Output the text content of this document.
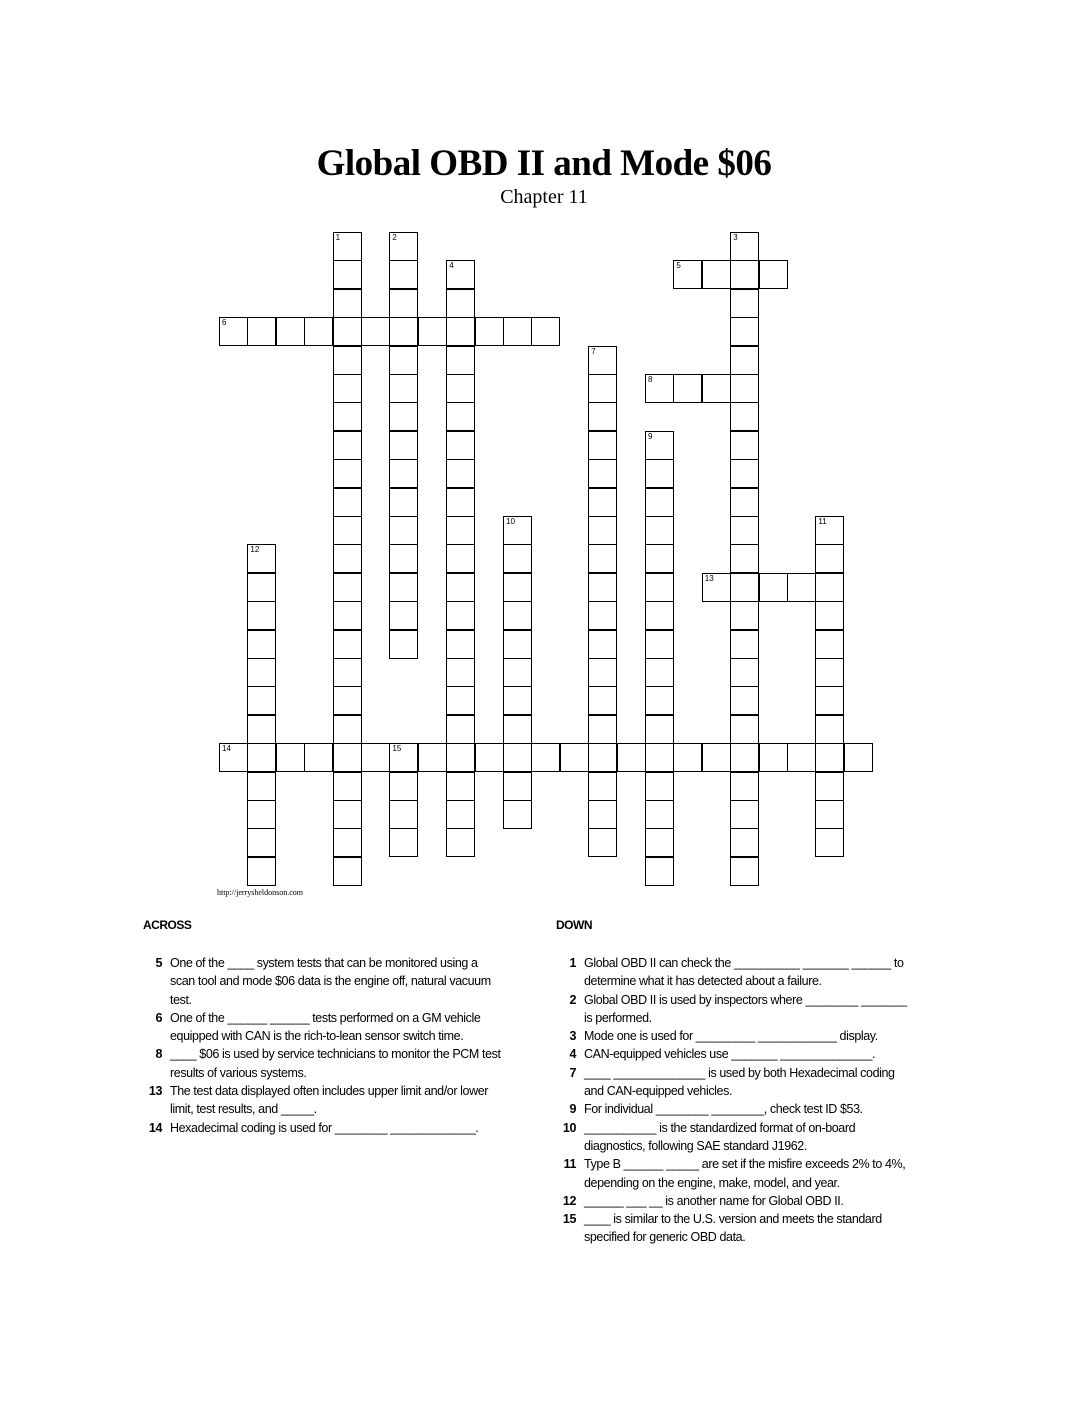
Global OBD II and Mode $06
Chapter 11
1	2	3
4	5
6
7
8
9
10	11
12
13
14	15
http://jerrysheldonson.com
ACROSS	DOWN
5 One of the ____ system tests that can be monitored using a scan tool and mode $06 data is the engine off, natural vacuum test.
6 One of the ______ ______ tests performed on a GM vehicle equipped with CAN is the rich-to-lean sensor switch time.
8 ____ $06 is used by service technicians to monitor the PCM test results of various systems.
13 The test data displayed often includes upper limit and/or lower limit, test results, and _____.
14 Hexadecimal coding is used for ________ _____________.
1 Global OBD II can check the __________ _______ ______ to determine what it has detected about a failure.
2 Global OBD II is used by inspectors where ________ _______ is performed.
3 Mode one is used for _________ ____________ display.
4 CAN-equipped vehicles use _______ ______________.
7 ____ ______________ is used by both Hexadecimal coding and CAN-equipped vehicles.
9 For individual ________ ________, check test ID $53.
10 ___________ is the standardized format of on-board diagnostics, following SAE standard J1962.
11 Type B ______ _____ are set if the misfire exceeds 2% to 4%, depending on the engine, make, model, and year.
12 ______ ___ __ is another name for Global OBD II.
15 ____ is similar to the U.S. version and meets the standard specified for generic OBD data.
